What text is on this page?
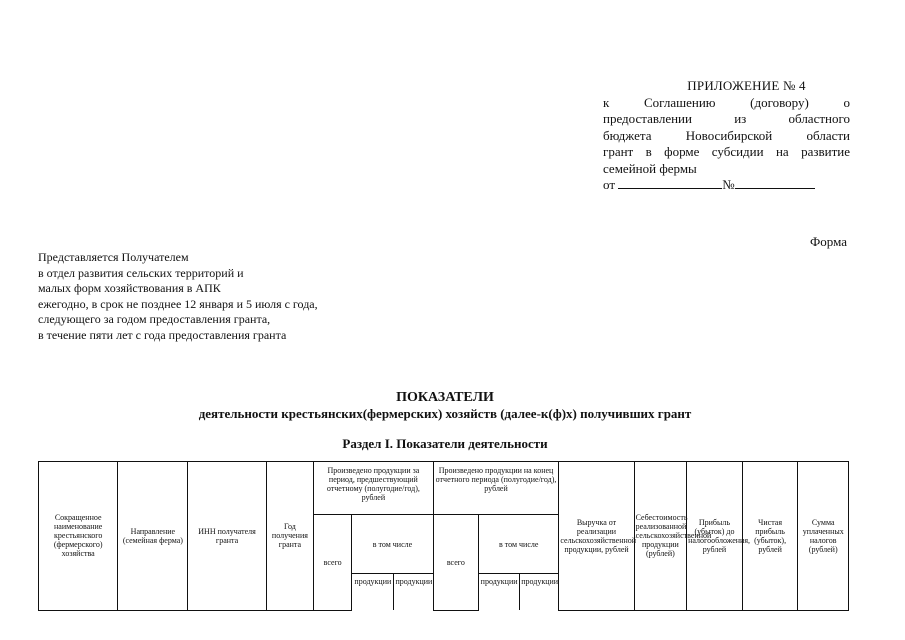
ПРИЛОЖЕНИЕ № 4
к Соглашению (договору) о
предоставлении из областного
бюджета Новосибирской области
грант в форме субсидии на развитие
семейной фермы
от	№
Форма
Представляется Получателем
в отдел развития сельских территорий и
малых форм хозяйствования в АПК
ежегодно, в срок не позднее 12 января и 5 июля с года,
следующего за годом предоставления гранта,
в течение пяти лет с года предоставления гранта
ПОКАЗАТЕЛИ
деятельности крестьянских(фермерских) хозяйств (далее-к(ф)х) получивших грант
Раздел I. Показатели деятельности
Сокращенное наименование крестьянского (фермерского) хозяйства	Направление (семейная ферма)	ИНН получателя гранта	Год получения гранта	Произведено продукции за период, предшествующий отчетному (полугодие/год), рублей			Произведено продукции на конец отчетного периода (полугодие/год), рублей			Выручка от реализации сельскохозяйственной продукции, рублей	Себестоимость реализованной сельскохозяйственной продукции (рублей)	Прибыль (убыток) до налогообложения, рублей	Чистая прибыль (убыток), рублей	Сумма уплаченных налогов (рублей)
				всего	в том числе		всего	в том числе						
					продукции	продукции		продукции	продукции					
